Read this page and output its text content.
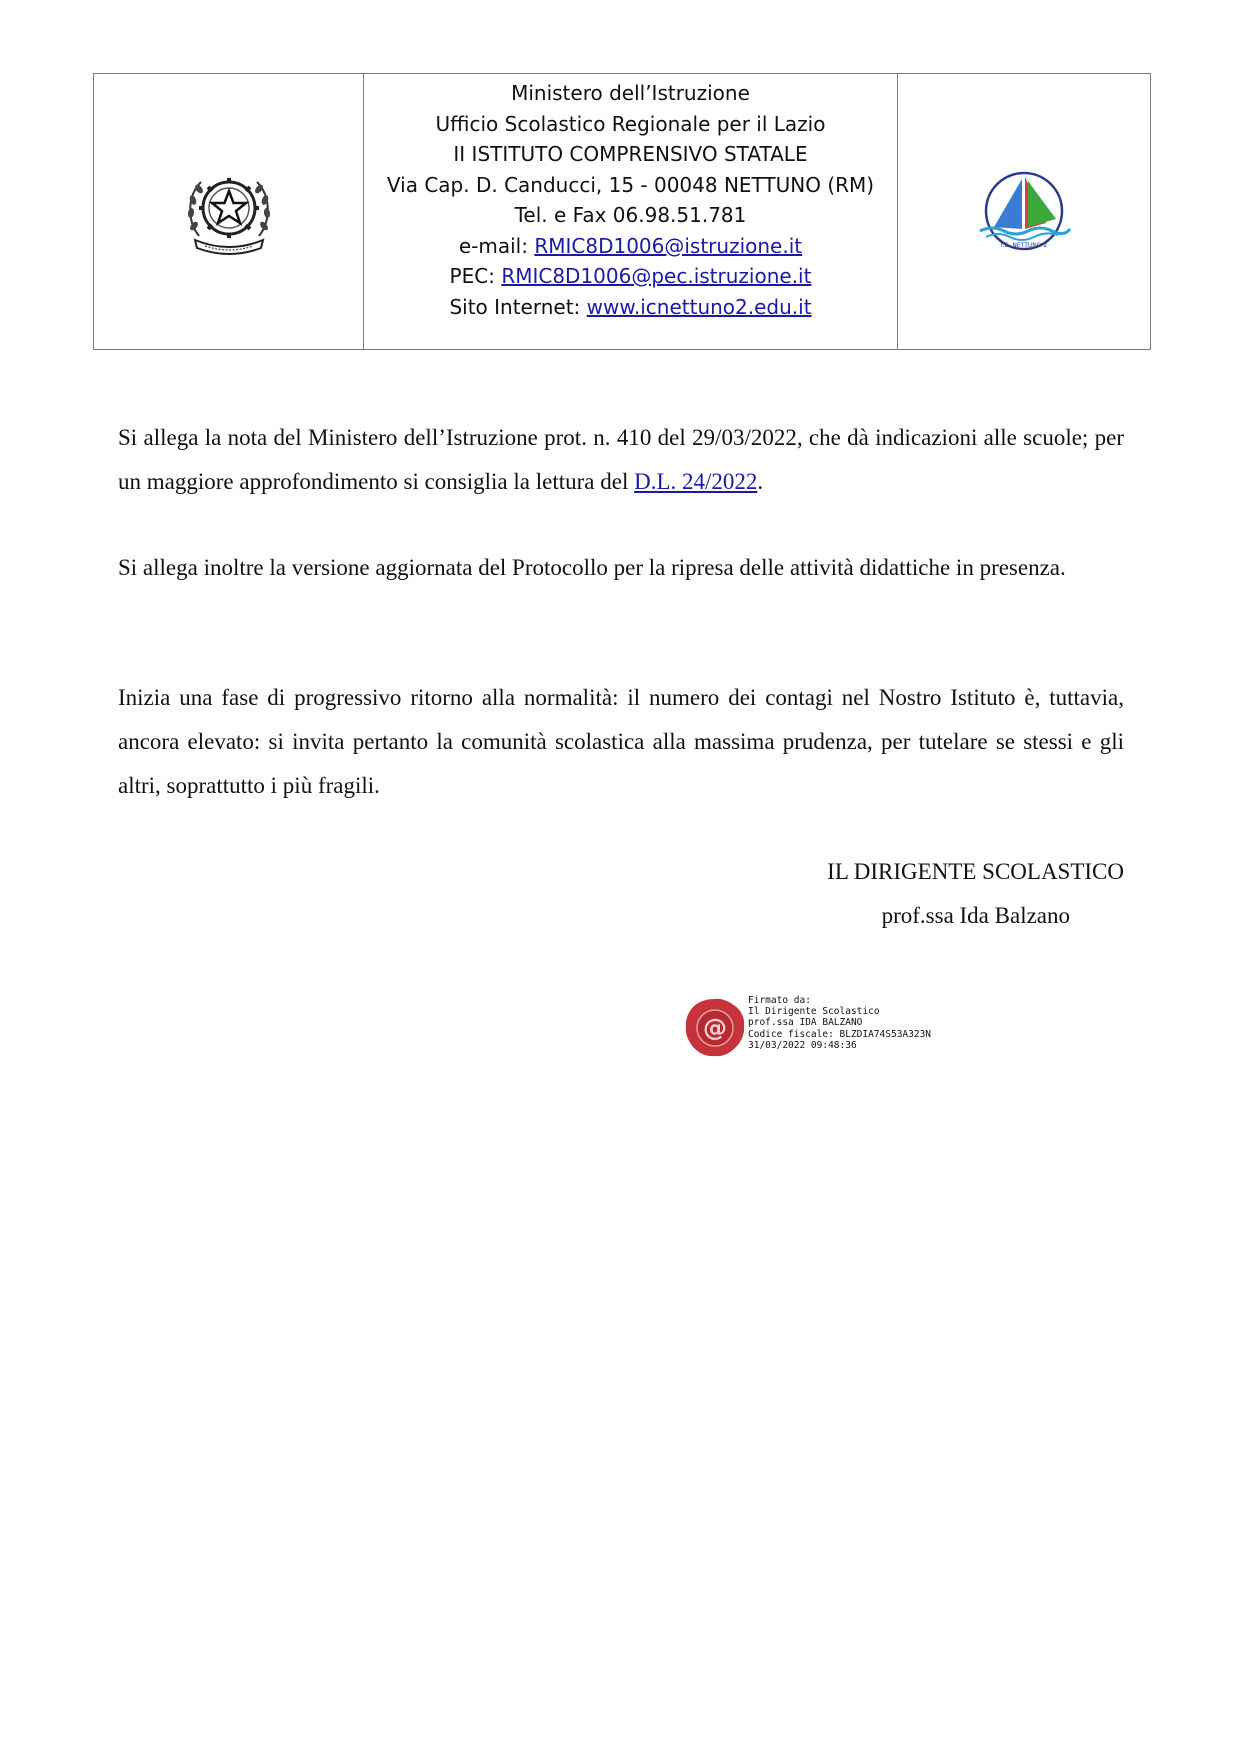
Ministero dell’Istruzione
Ufficio Scolastico Regionale per il Lazio
II ISTITUTO COMPRENSIVO STATALE
Via Cap. D. Canducci, 15 - 00048 NETTUNO (RM)
Tel. e Fax 06.98.51.781
e-mail: RMIC8D1006@istruzione.it
PEC: RMIC8D1006@pec.istruzione.it
Sito Internet: www.icnettuno2.edu.it
I.C. NETTUNO 2

Si allega la nota del Ministero dell’Istruzione prot. n. 410 del 29/03/2022, che dà indicazioni alle scuole; per un maggiore approfondimento si consiglia la lettura del D.L. 24/2022.

Si allega inoltre la versione aggiornata del Protocollo per la ripresa delle attività didattiche in presenza.

Inizia una fase di progressivo ritorno alla normalità: il numero dei contagi nel Nostro Istituto è, tuttavia, ancora elevato: si invita pertanto la comunità scolastica alla massima prudenza, per tutelare se stessi e gli altri, soprattutto i più fragili.

IL DIRIGENTE SCOLASTICO
prof.ssa Ida Balzano
@
Firmato da:
Il Dirigente Scolastico
prof.ssa IDA BALZANO
Codice fiscale: BLZDIA74S53A323N
31/03/2022 09:48:36
